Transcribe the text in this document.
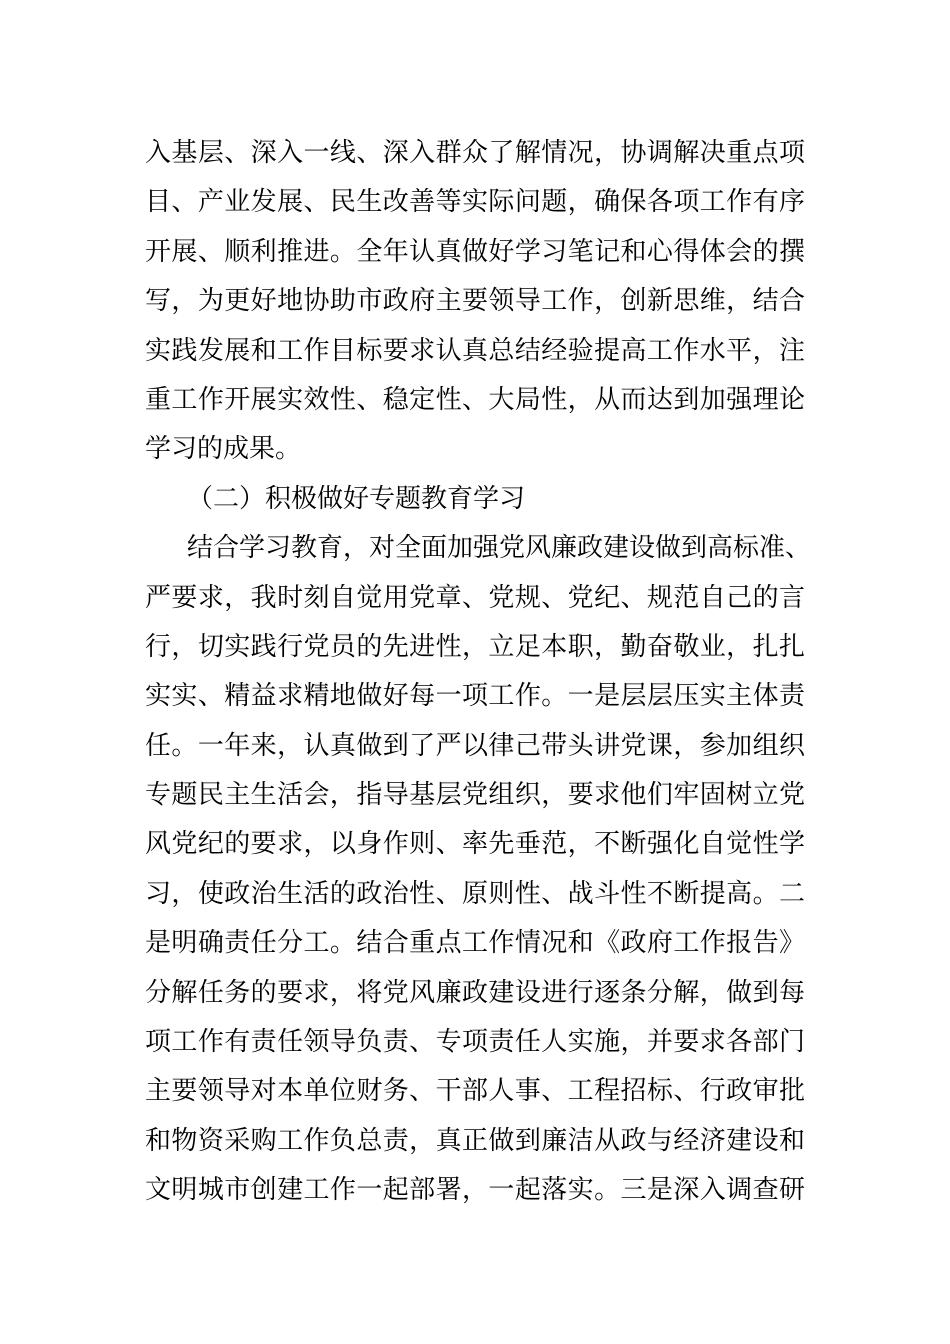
入基层、深入一线、深入群众了解情况，协调解决重点项
目、产业发展、民生改善等实际问题，确保各项工作有序
开展、顺利推进。全年认真做好学习笔记和心得体会的撰
写，为更好地协助市政府主要领导工作，创新思维，结合
实践发展和工作目标要求认真总结经验提高工作水平，注
重工作开展实效性、稳定性、大局性，从而达到加强理论
学习的成果。
（二）积极做好专题教育学习
结合学习教育，对全面加强党风廉政建设做到高标准、
严要求，我时刻自觉用党章、党规、党纪、规范自己的言
行，切实践行党员的先进性，立足本职，勤奋敬业，扎扎
实实、精益求精地做好每一项工作。一是层层压实主体责
任。一年来，认真做到了严以律己带头讲党课，参加组织
专题民主生活会，指导基层党组织，要求他们牢固树立党
风党纪的要求，以身作则、率先垂范，不断强化自觉性学
习，使政治生活的政治性、原则性、战斗性不断提高。二
是明确责任分工。结合重点工作情况和《政府工作报告》
分解任务的要求，将党风廉政建设进行逐条分解，做到每
项工作有责任领导负责、专项责任人实施，并要求各部门
主要领导对本单位财务、干部人事、工程招标、行政审批
和物资采购工作负总责，真正做到廉洁从政与经济建设和
文明城市创建工作一起部署，一起落实。三是深入调查研
